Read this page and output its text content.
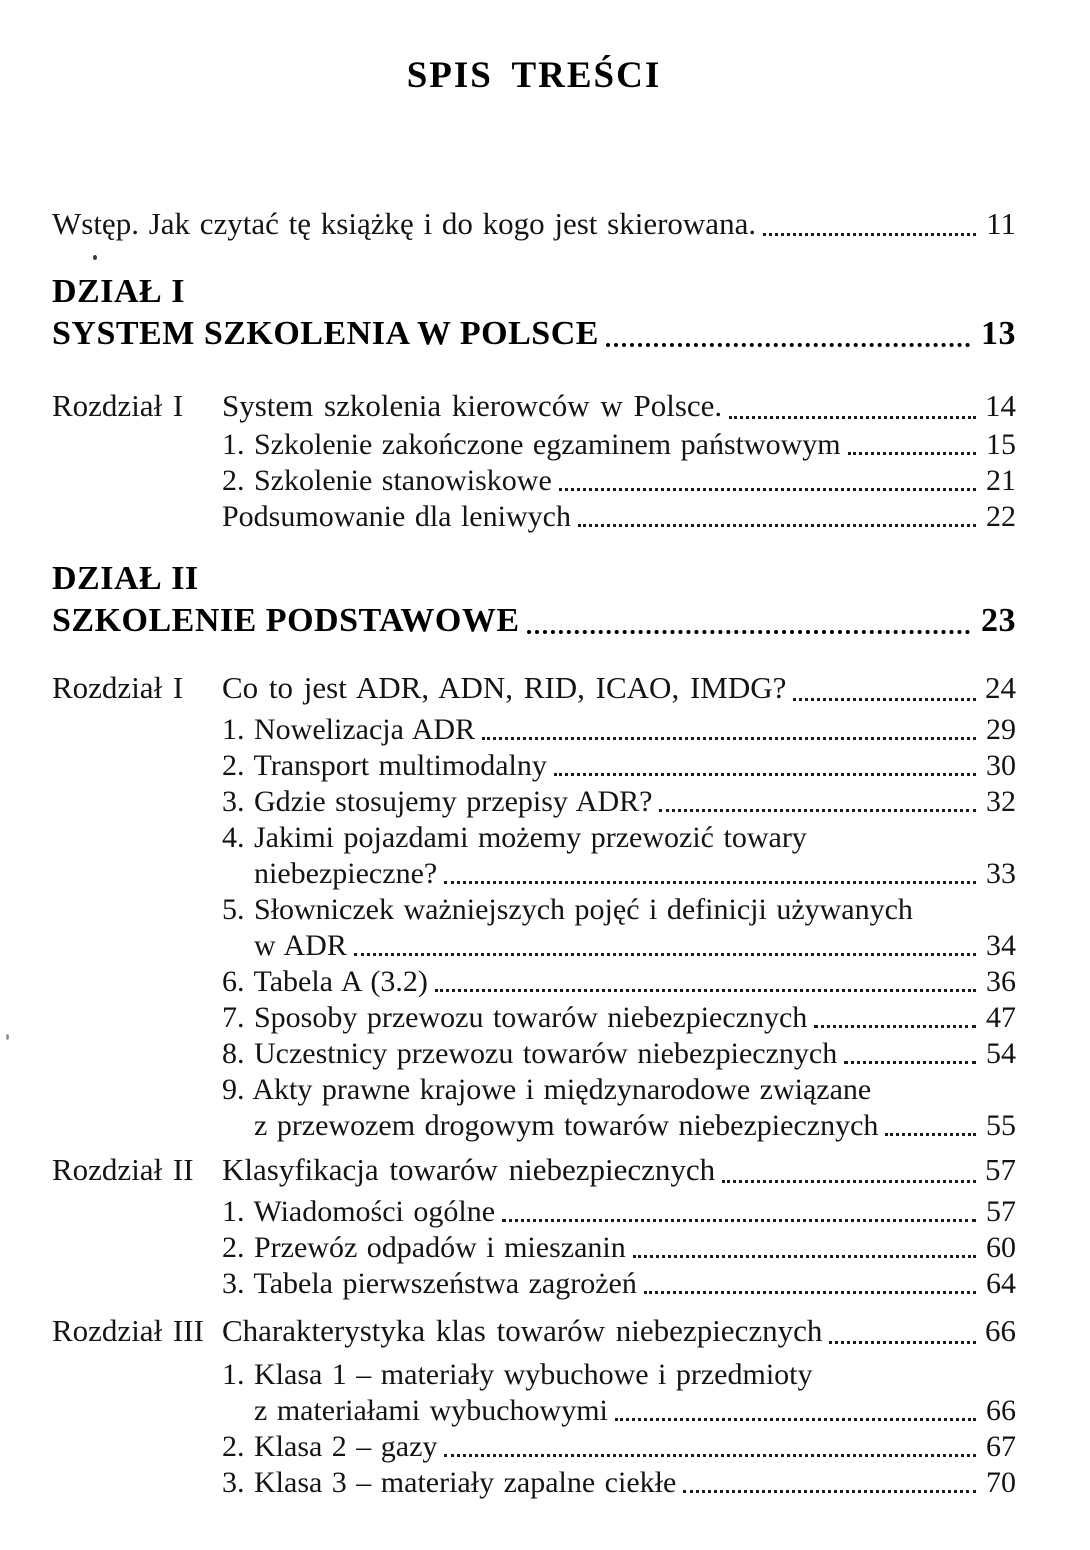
SPIS TREŚCI
Wstęp. Jak czytać tę książkę i do kogo jest skierowana.	11
DZIAŁ I
SYSTEM SZKOLENIA W POLSCE	13
Rozdział I	System szkolenia kierowców w Polsce.	14
1. Szkolenie zakończone egzaminem państwowym	15
2. Szkolenie stanowiskowe	21
Podsumowanie dla leniwych	22
DZIAŁ II
SZKOLENIE PODSTAWOWE	23
Rozdział I	Co to jest ADR, ADN, RID, ICAO, IMDG?	24
1. Nowelizacja ADR	29
2. Transport multimodalny	30
3. Gdzie stosujemy przepisy ADR?	32
4. Jakimi pojazdami możemy przewozić towary
niebezpieczne?	33
5. Słowniczek ważniejszych pojęć i definicji używanych
w ADR	34
6. Tabela A (3.2)	36
7. Sposoby przewozu towarów niebezpiecznych	47
8. Uczestnicy przewozu towarów niebezpiecznych	54
9. Akty prawne krajowe i międzynarodowe związane
z przewozem drogowym towarów niebezpiecznych	55
Rozdział II Klasyfikacja towarów niebezpiecznych	57
1. Wiadomości ogólne	57
2. Przewóz odpadów i mieszanin	60
3. Tabela pierwszeństwa zagrożeń	64
Rozdział III Charakterystyka klas towarów niebezpiecznych	66
1. Klasa 1 – materiały wybuchowe i przedmioty
z materiałami wybuchowymi	66
2. Klasa 2 – gazy	67
3. Klasa 3 – materiały zapalne ciekłe	70
